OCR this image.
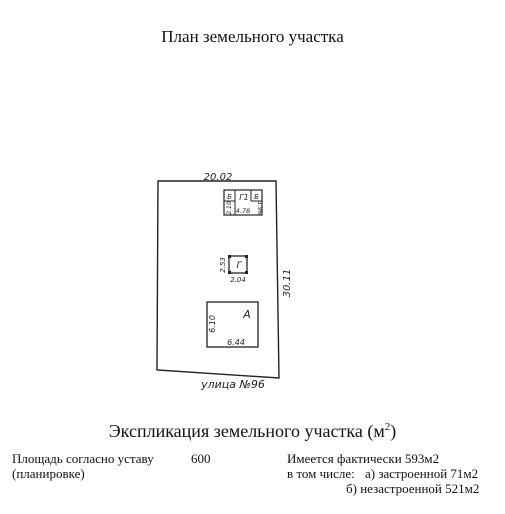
План земельного участка
20.02
30.11
улица №96
А
6.44
6.10
Г
2.04
2.53
Б	Б
Г1
4.78
2.10	1.96
Экспликация земельного участка $(м^2)$
Площадь согласно уставу
(планировке)
600	Имеется фактически 593м2
в том числе: а) застроенной 71м2
б) незастроенной 521м2
